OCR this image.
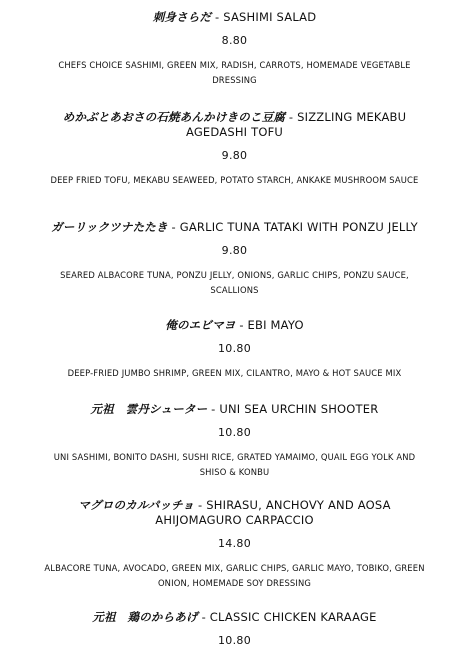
刺身さらだ - SASHIMI SALAD
8.80
CHEFS CHOICE SASHIMI, GREEN MIX, RADISH, CARROTS, HOMEMADE VEGETABLE DRESSING
めかぶとあおさの石焼あんかけきのこ豆腐 - SIZZLING MEKABU AGEDASHI TOFU
9.80
DEEP FRIED TOFU, MEKABU SEAWEED, POTATO STARCH, ANKAKE MUSHROOM SAUCE
ガーリックツナたたき - GARLIC TUNA TATAKI WITH PONZU JELLY
9.80
SEARED ALBACORE TUNA, PONZU JELLY, ONIONS, GARLIC CHIPS, PONZU SAUCE, SCALLIONS
俺のエビマヨ - EBI MAYO
10.80
DEEP-FRIED JUMBO SHRIMP, GREEN MIX, CILANTRO, MAYO & HOT SAUCE MIX
元祖　雲丹シューター - UNI SEA URCHIN SHOOTER
10.80
UNI SASHIMI, BONITO DASHI, SUSHI RICE, GRATED YAMAIMO, QUAIL EGG YOLK AND SHISO & KONBU
マグロのカルパッチョ - SHIRASU, ANCHOVY AND AOSA AHIJOMAGURO CARPACCIO
14.80
ALBACORE TUNA, AVOCADO, GREEN MIX, GARLIC CHIPS, GARLIC MAYO, TOBIKO, GREEN ONION, HOMEMADE SOY DRESSING
元祖　鶏のからあげ - CLASSIC CHICKEN KARAAGE
10.80
